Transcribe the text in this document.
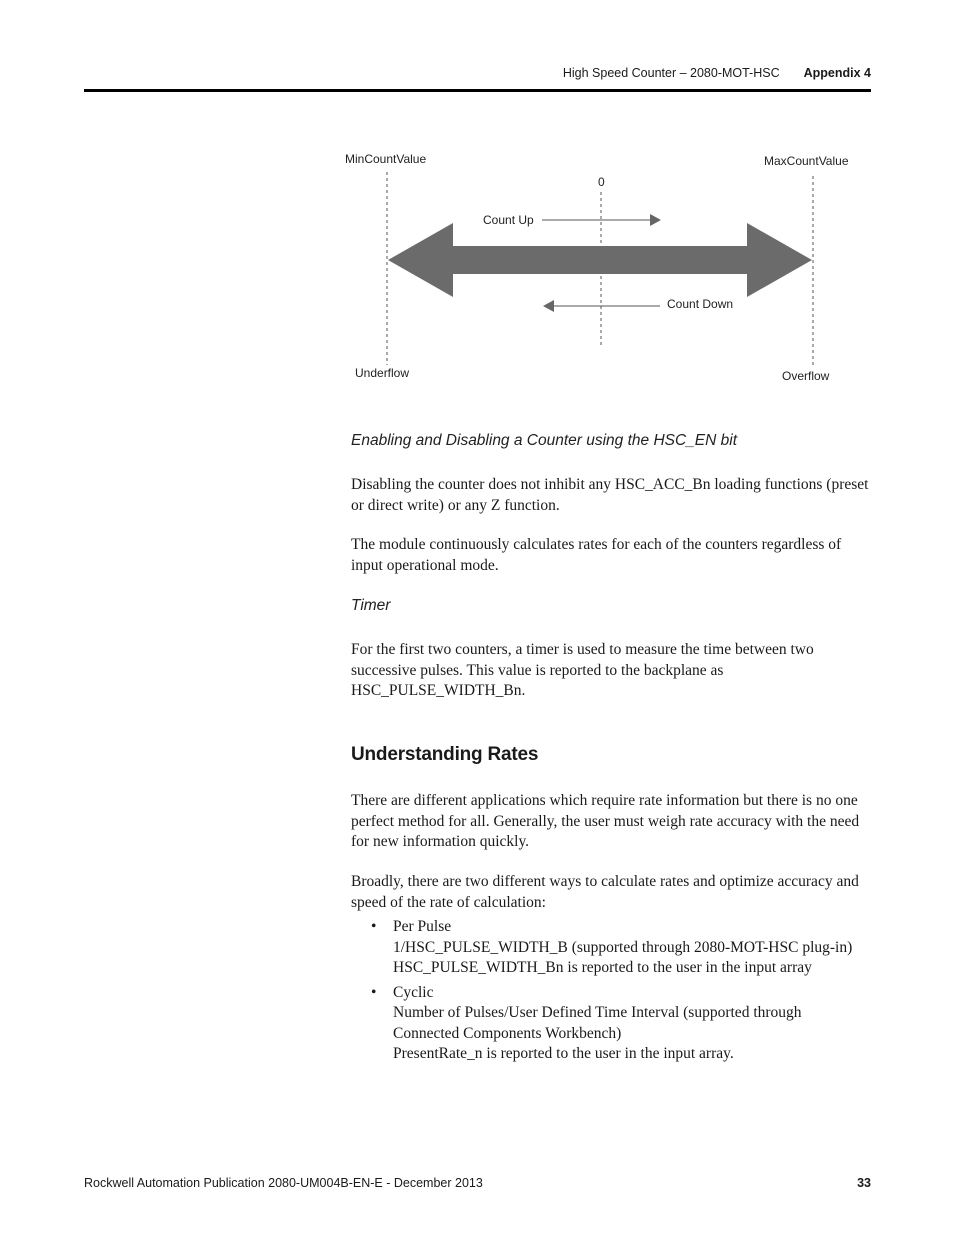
High Speed Counter – 2080-MOT-HSC Appendix 4
MinCountValue	MaxCountValue
0
Count Up
Count Down
Underflow	Overflow

Enabling and Disabling a Counter using the HSC_EN bit

Disabling the counter does not inhibit any HSC_ACC_Bn loading functions (preset or direct write) or any Z function.

The module continuously calculates rates for each of the counters regardless of input operational mode.

Timer

For the first two counters, a timer is used to measure the time between two successive pulses. This value is reported to the backplane as HSC_PULSE_WIDTH_Bn.

Understanding Rates

There are different applications which require rate information but there is no one perfect method for all. Generally, the user must weigh rate accuracy with the need for new information quickly.

Broadly, there are two different ways to calculate rates and optimize accuracy and speed of the rate of calculation:

• Per Pulse
1/HSC_PULSE_WIDTH_B (supported through 2080-MOT-HSC plug-in)
HSC_PULSE_WIDTH_Bn is reported to the user in the input array
• Cyclic
Number of Pulses/User Defined Time Interval (supported through Connected Components Workbench)
PresentRate_n is reported to the user in the input array.
Rockwell Automation Publication 2080-UM004B-EN-E - December 2013	33
